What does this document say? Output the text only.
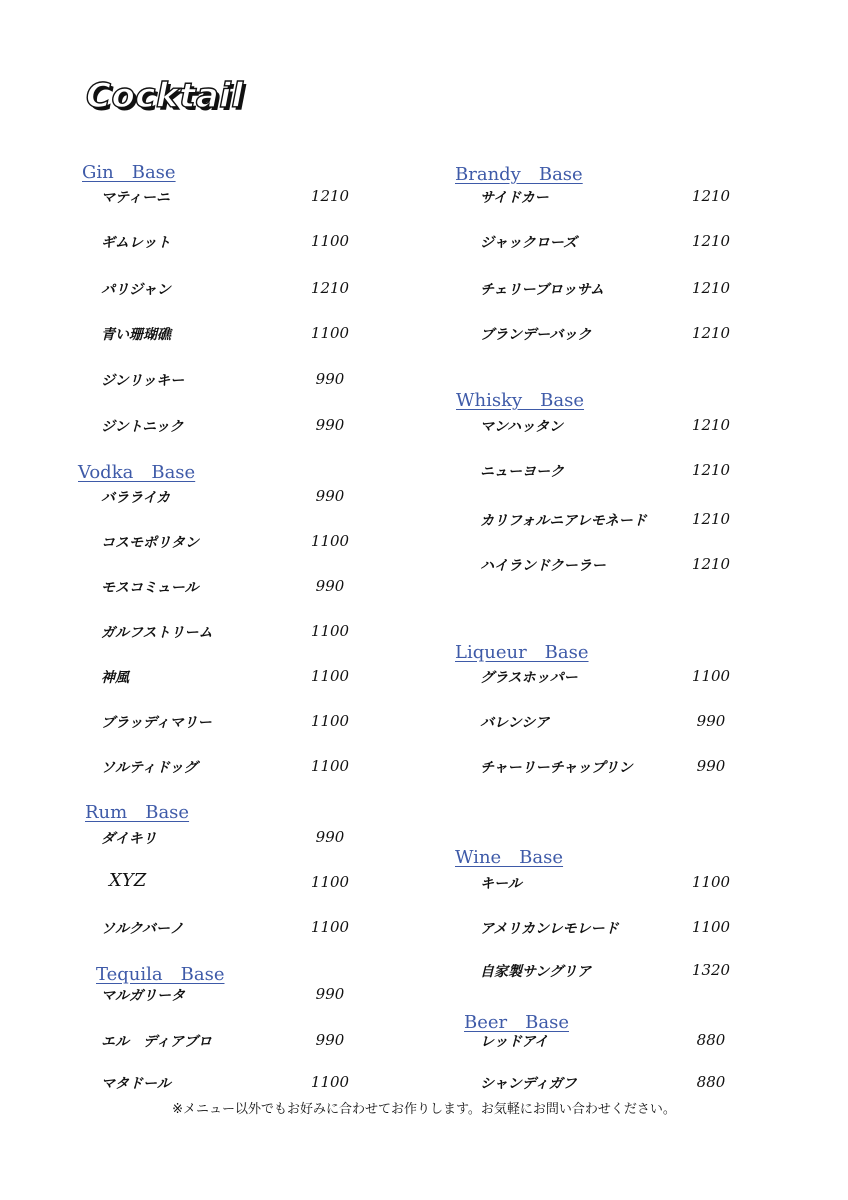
Cocktail
Gin　Base
マティーニ	1210
ギムレット	1100
パリジャン	1210
青い珊瑚礁	1100
ジンリッキー	990
ジントニック	990
Vodka　Base
バラライカ	990
コスモポリタン	1100
モスコミュール	990
ガルフストリーム	1100
神風	1100
ブラッディマリー	1100
ソルティドッグ	1100
Rum　Base
ダイキリ	990
XYZ	1100
ソルクバーノ	1100
Tequila　Base
マルガリータ	990
エル　ディアブロ	990
マタドール	1100
Brandy　Base
サイドカー	1210
ジャックローズ	1210
チェリーブロッサム	1210
ブランデーバック	1210
Whisky　Base
マンハッタン	1210
ニューヨーク	1210
カリフォルニアレモネード	1210
ハイランドクーラー	1210
Liqueur　Base
グラスホッパー	1100
バレンシア	990
チャーリーチャップリン	990
Wine　Base
キール	1100
アメリカンレモレード	1100
自家製サングリア	1320
Beer　Base
レッドアイ	880
シャンディガフ	880
※メニュー以外でもお好みに合わせてお作りします。お気軽にお問い合わせください。
